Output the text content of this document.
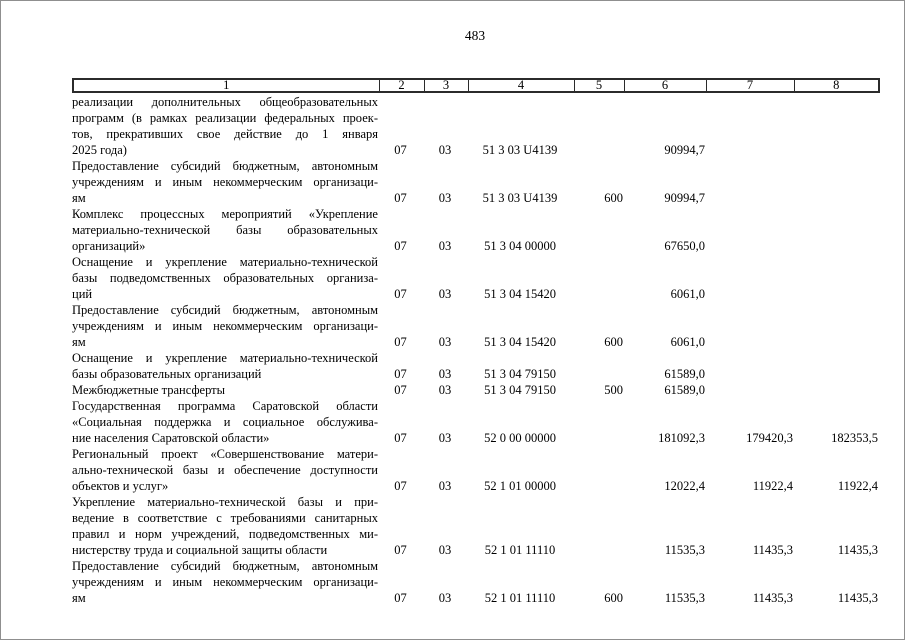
483
1	2	3	4	5	6	7	8
реализации дополнительных общеобразовательных
программ (в рамках реализации федеральных проек-
тов, прекративших свое действие до 1 января
2025 года)	07	03	51 3 03 U4139		90994,7		

Предоставление субсидий бюджетным, автономным
учреждениям и иным некоммерческим организаци-
ям	07	03	51 3 03 U4139	600	90994,7		

Комплекс процессных мероприятий «Укрепление
материально-технической базы образовательных
организаций»	07	03	51 3 04 00000		67650,0		

Оснащение и укрепление материально-технической
базы подведомственных образовательных организа-
ций	07	03	51 3 04 15420		6061,0		

Предоставление субсидий бюджетным, автономным
учреждениям и иным некоммерческим организаци-
ям	07	03	51 3 04 15420	600	6061,0		

Оснащение и укрепление материально-технической
базы образовательных организаций	07	03	51 3 04 79150		61589,0		

Межбюджетные трансферты	07	03	51 3 04 79150	500	61589,0		

Государственная программа Саратовской области
«Социальная поддержка и социальное обслужива-
ние населения Саратовской области»	07	03	52 0 00 00000		181092,3	179420,3	182353,5

Региональный проект «Совершенствование матери-
ально-технической базы и обеспечение доступности
объектов и услуг»	07	03	52 1 01 00000		12022,4	11922,4	11922,4

Укрепление материально-технической базы и при-
ведение в соответствие с требованиями санитарных
правил и норм учреждений, подведомственных ми-
нистерству труда и социальной защиты области	07	03	52 1 01 11110		11535,3	11435,3	11435,3

Предоставление субсидий бюджетным, автономным
учреждениям и иным некоммерческим организаци-
ям	07	03	52 1 01 11110	600	11535,3	11435,3	11435,3
